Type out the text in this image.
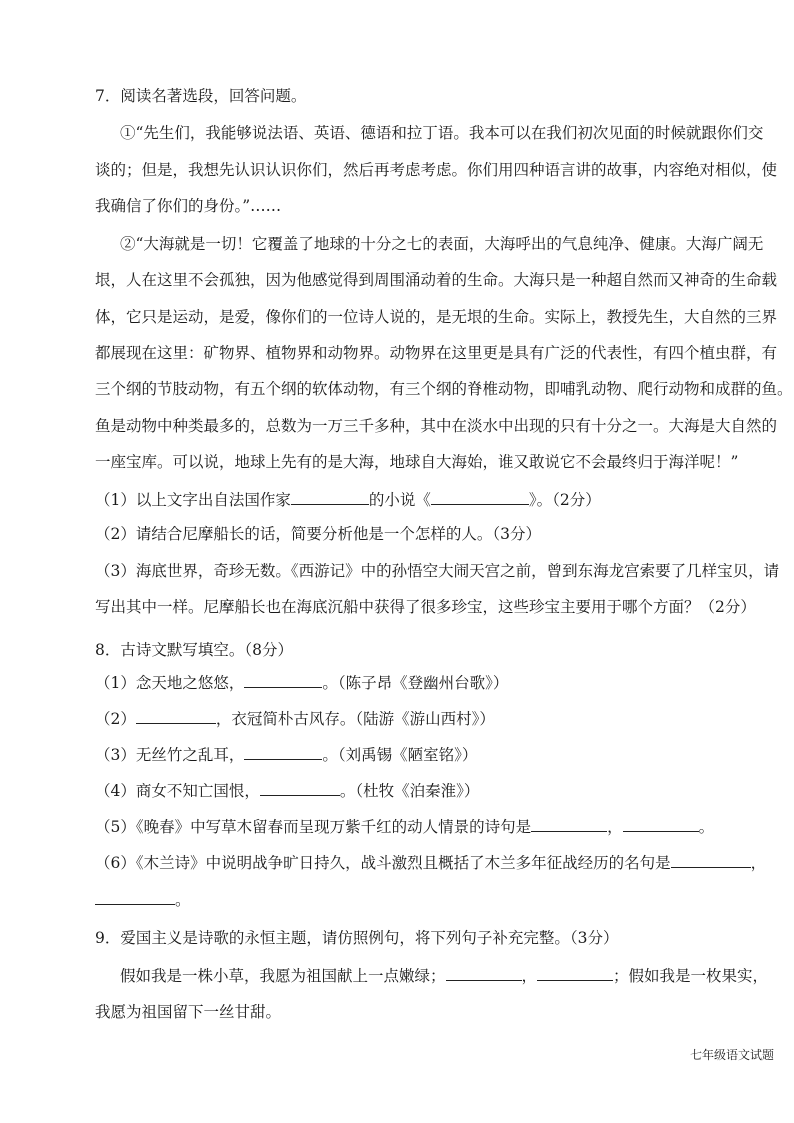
7．阅读名著选段，回答问题。
①“先生们，我能够说法语、英语、德语和拉丁语。我本可以在我们初次见面的时候就跟你们交
谈的；但是，我想先认识认识你们，然后再考虑考虑。你们用四种语言讲的故事，内容绝对相似，使
我确信了你们的身份。”……
②“大海就是一切！它覆盖了地球的十分之七的表面，大海呼出的气息纯净、健康。大海广阔无
垠，人在这里不会孤独，因为他感觉得到周围涌动着的生命。大海只是一种超自然而又神奇的生命载
体，它只是运动，是爱，像你们的一位诗人说的，是无垠的生命。实际上，教授先生，大自然的三界
都展现在这里：矿物界、植物界和动物界。动物界在这里更是具有广泛的代表性，有四个植虫群，有
三个纲的节肢动物，有五个纲的软体动物，有三个纲的脊椎动物，即哺乳动物、爬行动物和成群的鱼。
鱼是动物中种类最多的，总数为一万三千多种，其中在淡水中出现的只有十分之一。大海是大自然的
一座宝库。可以说，地球上先有的是大海，地球自大海始，谁又敢说它不会最终归于海洋呢！”
（1）以上文字出自法国作家	的小说《	》。（2分）
（2）请结合尼摩船长的话，简要分析他是一个怎样的人。（3分）
（3）海底世界，奇珍无数。《西游记》中的孙悟空大闹天宫之前，曾到东海龙宫索要了几样宝贝，请
写出其中一样。尼摩船长也在海底沉船中获得了很多珍宝，这些珍宝主要用于哪个方面？（2分）
8．古诗文默写填空。（8分）
（1）念天地之悠悠，	。（陈子昂《登幽州台歌》）
（2）	，衣冠简朴古风存。（陆游《游山西村》）
（3）无丝竹之乱耳，	。（刘禹锡《陋室铭》）
（4）商女不知亡国恨，	。（杜牧《泊秦淮》）
（5）《晚春》中写草木留春而呈现万紫千红的动人情景的诗句是	，	。
（6）《木兰诗》中说明战争旷日持久，战斗激烈且概括了木兰多年征战经历的名句是	，
。
9．爱国主义是诗歌的永恒主题，请仿照例句，将下列句子补充完整。（3分）
假如我是一株小草，我愿为祖国献上一点嫩绿；	，	；假如我是一枚果实，
我愿为祖国留下一丝甘甜。
七年级语文试题
